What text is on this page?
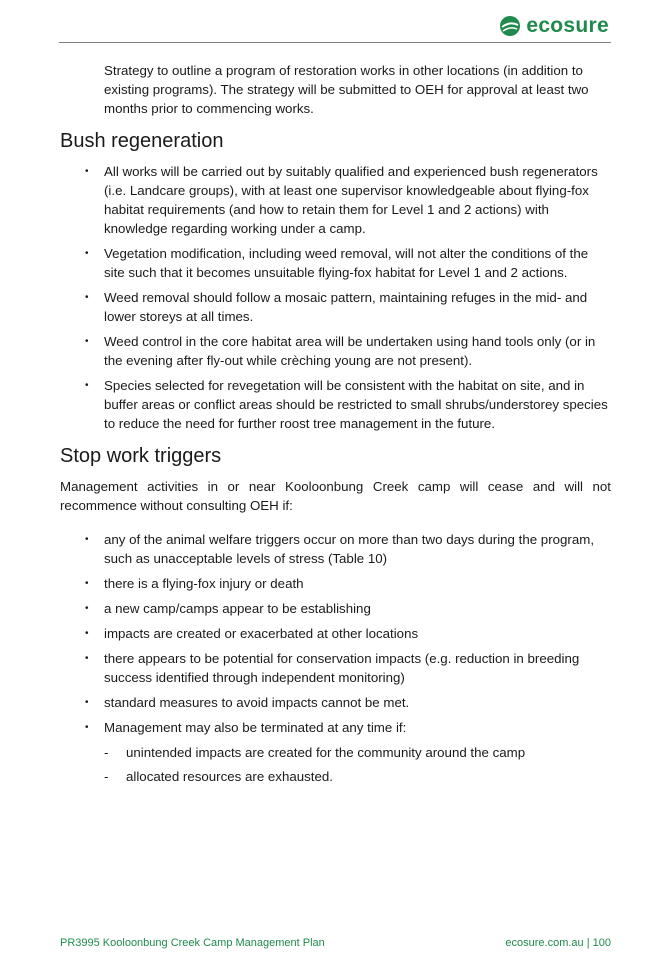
ecosure

Strategy to outline a program of restoration works in other locations (in addition to existing programs). The strategy will be submitted to OEH for approval at least two months prior to commencing works.

Bush regeneration
• All works will be carried out by suitably qualified and experienced bush regenerators (i.e. Landcare groups), with at least one supervisor knowledgeable about flying-fox habitat requirements (and how to retain them for Level 1 and 2 actions) with knowledge regarding working under a camp.
• Vegetation modification, including weed removal, will not alter the conditions of the site such that it becomes unsuitable flying-fox habitat for Level 1 and 2 actions.
• Weed removal should follow a mosaic pattern, maintaining refuges in the mid- and lower storeys at all times.
• Weed control in the core habitat area will be undertaken using hand tools only (or in the evening after fly-out while crèching young are not present).
• Species selected for revegetation will be consistent with the habitat on site, and in buffer areas or conflict areas should be restricted to small shrubs/understorey species to reduce the need for further roost tree management in the future.
Stop work triggers

Management activities in or near Kooloonbung Creek camp will cease and will not recommence without consulting OEH if:

• any of the animal welfare triggers occur on more than two days during the program, such as unacceptable levels of stress (Table 10)
• there is a flying-fox injury or death
• a new camp/camps appear to be establishing
• impacts are created or exacerbated at other locations
• there appears to be potential for conservation impacts (e.g. reduction in breeding success identified through independent monitoring)
• standard measures to avoid impacts cannot be met.
• Management may also be terminated at any time if:
- unintended impacts are created for the community around the camp
- allocated resources are exhausted.
PR3995 Kooloonbung Creek Camp Management Plan	ecosure.com.au | 100
